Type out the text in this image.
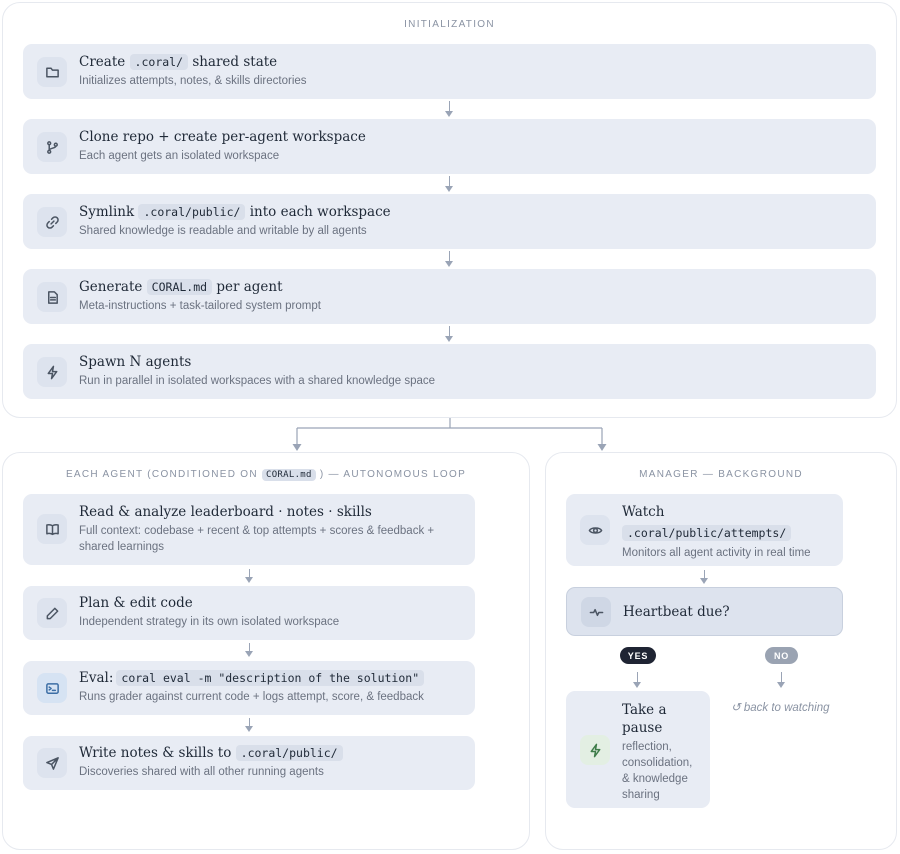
INITIALIZATION
Create .coral/ shared state
Initializes attempts, notes, & skills directories
Clone repo + create per-agent workspace
Each agent gets an isolated workspace
Symlink .coral/public/ into each workspace
Shared knowledge is readable and writable by all agents
Generate CORAL.md per agent
Meta-instructions + task-tailored system prompt
Spawn N agents
Run in parallel in isolated workspaces with a shared knowledge space
EACH AGENT (CONDITIONED ON CORAL.md ) — AUTONOMOUS LOOP
Read & analyze leaderboard · notes · skills
Full context: codebase + recent & top attempts + scores & feedback + shared learnings
Plan & edit code
Independent strategy in its own isolated workspace
Eval: coral eval -m "description of the solution"
Runs grader against current code + logs attempt, score, & feedback
Write notes & skills to .coral/public/
Discoveries shared with all other running agents
MANAGER — BACKGROUND
Watch
.coral/public/attempts/
Monitors all agent activity in real time
Heartbeat due?
YES	NO
Take a pause
reflection, consolidation, & knowledge sharing
↺ back to watching
